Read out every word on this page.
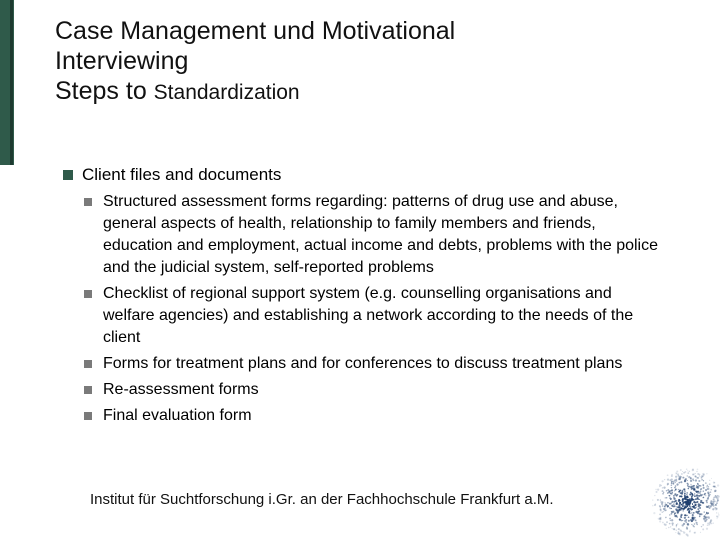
Case Management und Motivational
Interviewing
Steps to Standardization
Client files and documents
Structured assessment forms regarding: patterns of drug use and abuse, general aspects of health, relationship to family members and friends, education and employment, actual income and debts, problems with the police and the judicial system, self-reported problems
Checklist of regional support system (e.g. counselling organisations and welfare agencies) and establishing a network according to the needs of the client
Forms for treatment plans and for conferences to discuss treatment plans
Re-assessment forms
Final evaluation form
Institut für Suchtforschung i.Gr. an der Fachhochschule Frankfurt a.M.
